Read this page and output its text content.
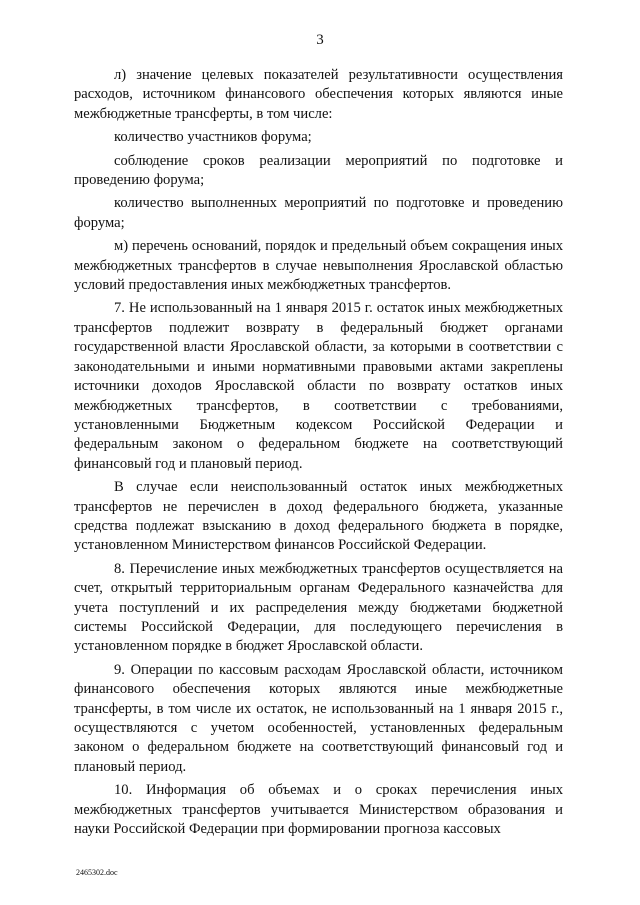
3

л) значение целевых показателей результативности осуществления расходов, источником финансового обеспечения которых являются иные межбюджетные трансферты, в том числе:

количество участников форума;

соблюдение сроков реализации мероприятий по подготовке и проведению форума;

количество выполненных мероприятий по подготовке и проведению форума;

м) перечень оснований, порядок и предельный объем сокращения иных межбюджетных трансфертов в случае невыполнения Ярославской областью условий предоставления иных межбюджетных трансфертов.

7. Не использованный на 1 января 2015 г. остаток иных межбюджетных трансфертов подлежит возврату в федеральный бюджет органами государственной власти Ярославской области, за которыми в соответствии с законодательными и иными нормативными правовыми актами закреплены источники доходов Ярославской области по возврату остатков иных межбюджетных трансфертов, в соответствии с требованиями, установленными Бюджетным кодексом Российской Федерации и федеральным законом о федеральном бюджете на соответствующий финансовый год и плановый период.

В случае если неиспользованный остаток иных межбюджетных трансфертов не перечислен в доход федерального бюджета, указанные средства подлежат взысканию в доход федерального бюджета в порядке, установленном Министерством финансов Российской Федерации.

8. Перечисление иных межбюджетных трансфертов осуществляется на счет, открытый территориальным органам Федерального казначейства для учета поступлений и их распределения между бюджетами бюджетной системы Российской Федерации, для последующего перечисления в установленном порядке в бюджет Ярославской области.

9. Операции по кассовым расходам Ярославской области, источником финансового обеспечения которых являются иные межбюджетные трансферты, в том числе их остаток, не использованный на 1 января 2015 г., осуществляются с учетом особенностей, установленных федеральным законом о федеральном бюджете на соответствующий финансовый год и плановый период.

10. Информация об объемах и о сроках перечисления иных межбюджетных трансфертов учитывается Министерством образования и науки Российской Федерации при формировании прогноза кассовых

2465302.doc
